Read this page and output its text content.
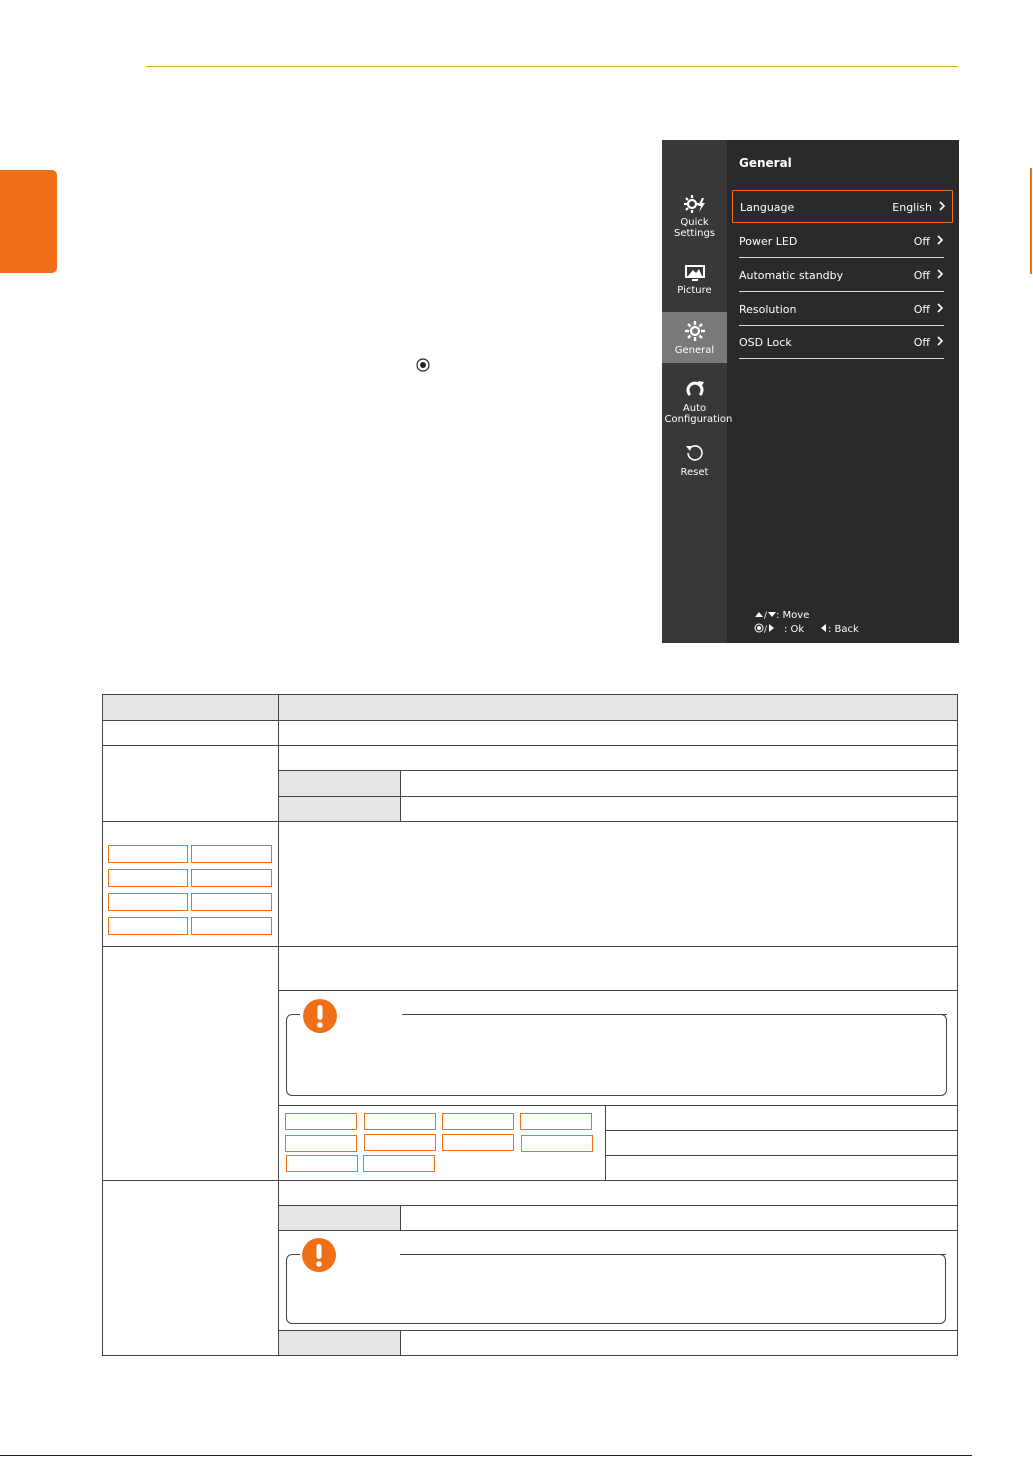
Quick Settings
Picture
General
Auto Configuration
Reset
General
Language	English
Power LED	Off
Automatic standby	Off
Resolution	Off
OSD Lock	Off
/ : Move
/ : Ok	: Back
